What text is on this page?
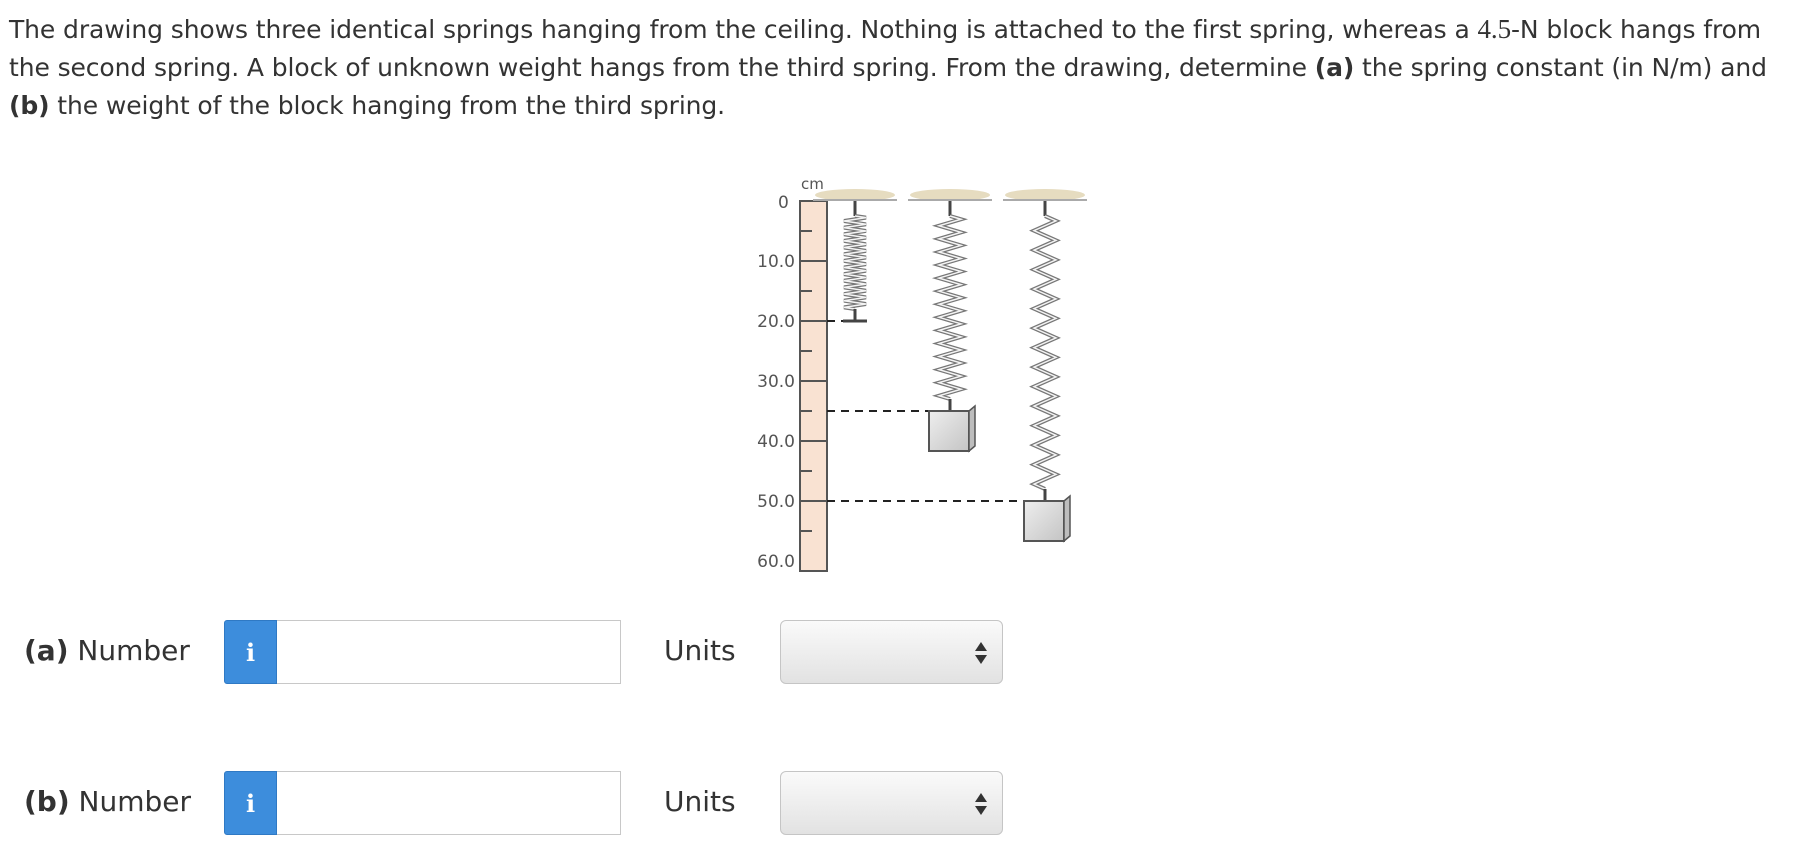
The drawing shows three identical springs hanging from the ceiling. Nothing is attached to the first spring, whereas a 4.5-N block hangs from the second spring. A block of unknown weight hangs from the third spring. From the drawing, determine (a) the spring constant (in N/m) and (b) the weight of the block hanging from the third spring.
cm
0
10.0
20.0
30.0
40.0
50.0
60.0
(a) Number	i	Units
(b) Number	i	Units
